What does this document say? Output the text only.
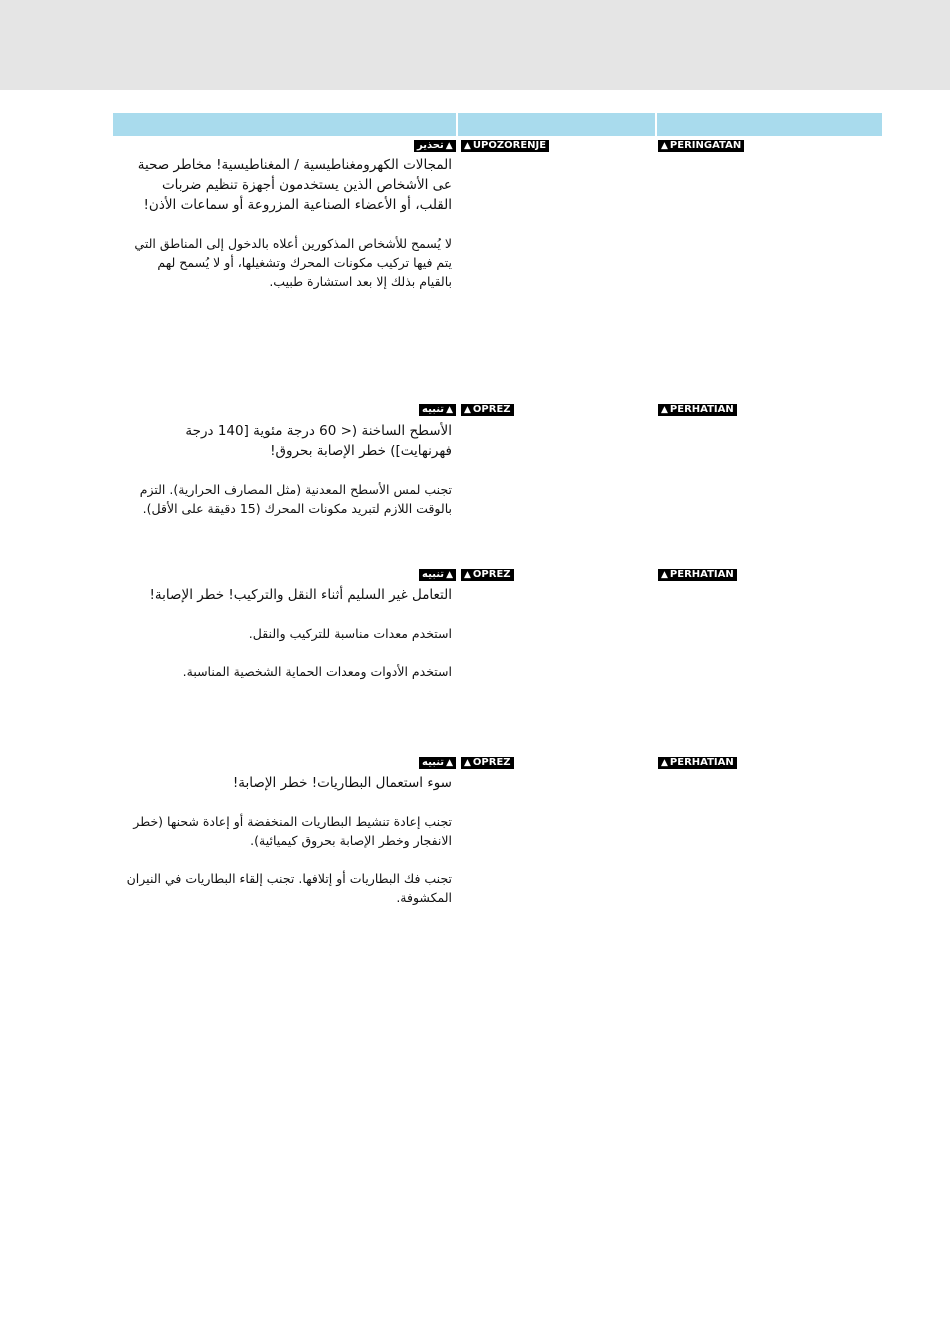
▲تحذير	▲ UPOZORENJE	▲ PERINGATAN

المجالات الكهرومغناطيسية / المغناطيسية! مخاطر صحية عى الأشخاص الذين يستخدمون أجهزة تنظيم ضربات القلب، أو الأعضاء الصناعية المزروعة أو سماعات الأذن!

لا يُسمح للأشخاص المذكورين أعلاه بالدخول إلى المناطق التي يتم فيها تركيب مكونات المحرك وتشغيلها، أو لا يُسمح لهم بالقيام بذلك إلا بعد استشارة طبيب.

▲تنبيه	▲ OPREZ	▲ PERHATIAN

الأسطح الساخنة (< 60 درجة مئوية [140 درجة فهرنهايت]) خطر الإصابة بحروق!

تجنب لمس الأسطح المعدنية (مثل المصارف الحرارية). التزم بالوقت اللازم لتبريد مكونات المحرك (15 دقيقة على الأقل).

▲تنبيه	▲ OPREZ	▲ PERHATIAN

التعامل غير السليم أثناء النقل والتركيب! خطر الإصابة!

استخدم معدات مناسبة للتركيب والنقل.

استخدم الأدوات ومعدات الحماية الشخصية المناسبة.

▲تنبيه	▲ OPREZ	▲ PERHATIAN

سوء استعمال البطاريات! خطر الإصابة!

تجنب إعادة تنشيط البطاريات المنخفضة أو إعادة شحنها (خطر الانفجار وخطر الإصابة بحروق كيميائية).

تجنب فك البطاريات أو إتلافها. تجنب إلقاء البطاريات في النيران المكشوفة.
